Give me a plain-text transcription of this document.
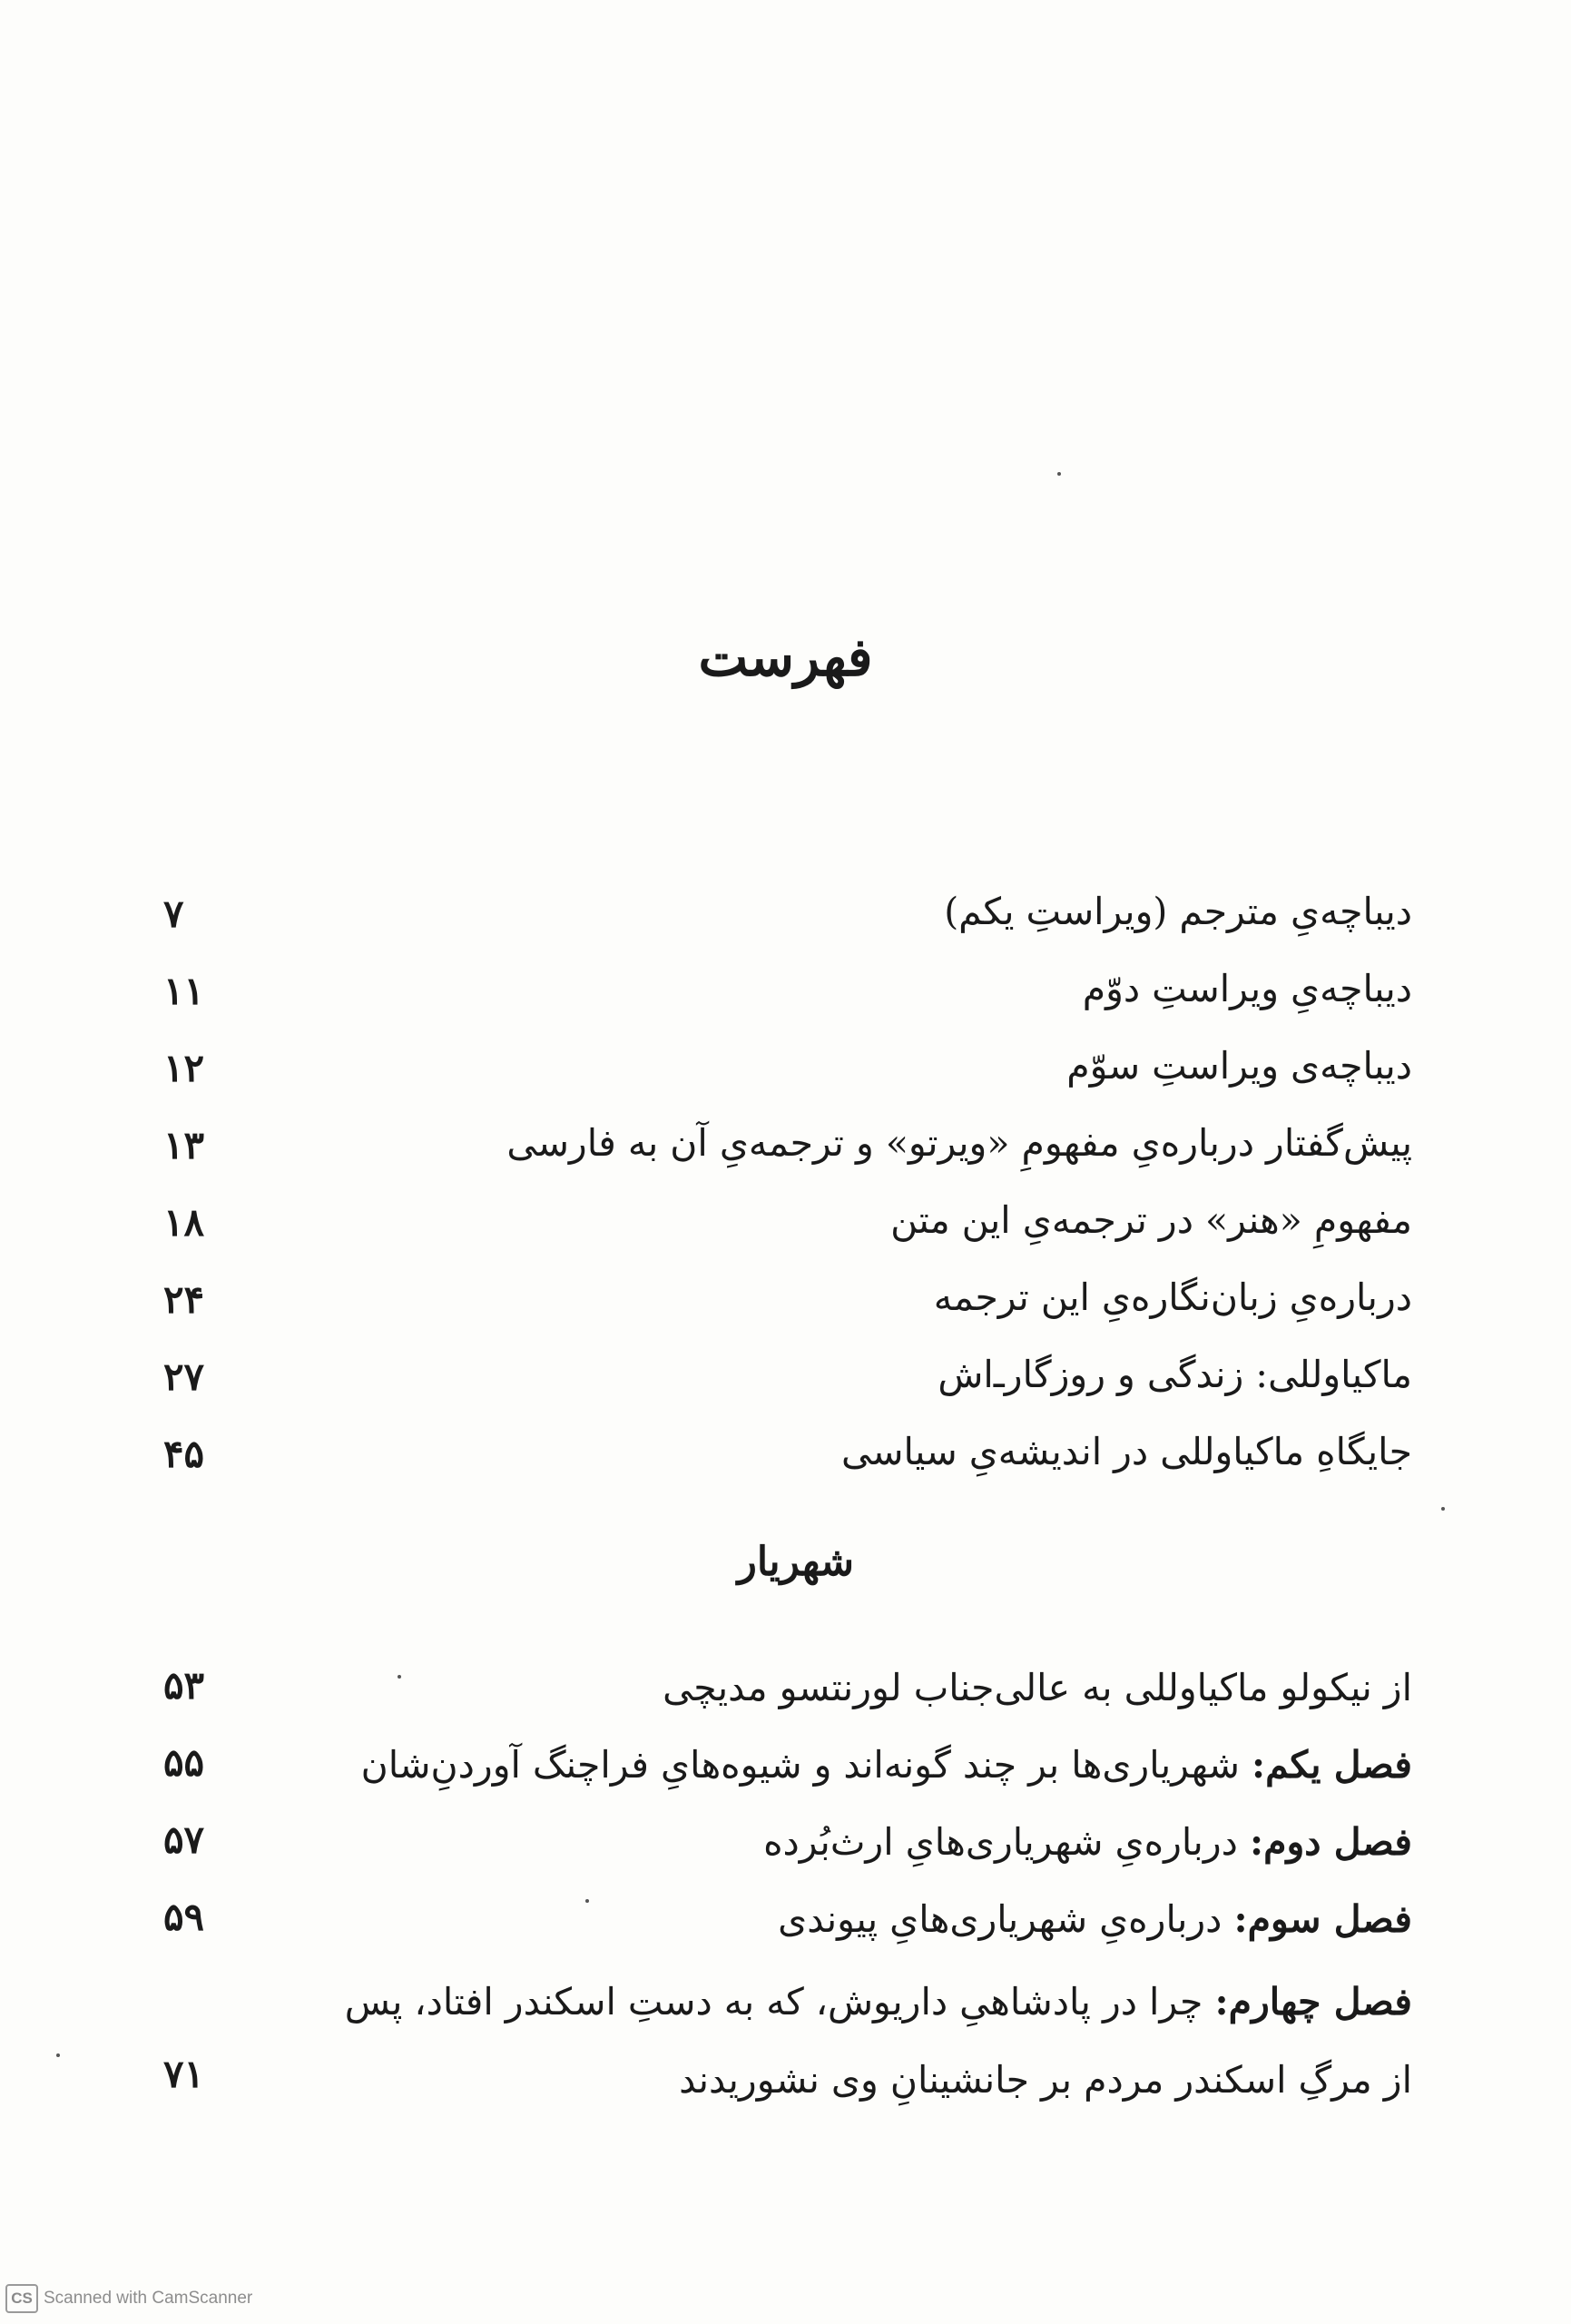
فهرست
دیباچه‌یِ مترجم (ویراستِ یکم)
۷
دیباچه‌یِ ویراستِ دوّم
۱۱
دیباچه‌ی ویراستِ سوّم
۱۲
پیش‌گفتار درباره‌یِ مفهومِ «ویرتو» و ترجمه‌یِ آن به فارسی
۱۳
مفهومِ «هنر» در ترجمه‌یِ این متن
۱۸
درباره‌یِ زبان‌نگاره‌یِ این ترجمه
۲۴
ماکیاوللی: زندگی و روزگار‌ـ‌اش
۲۷
جایگاهِ ماکیاوللی در اندیشه‌یِ سیاسی
۴۵
شهریار
از نیکولو ماکیاوللی به عالی‌جناب لورنتسو مدیچی
۵۳
فصل یکم: شهریاری‌ها بر چند گونه‌اند و شیوه‌هایِ فراچنگ آوردنِ‌شان
۵۵
فصل دوم: درباره‌یِ شهریاری‌هایِ ارث‌بُرده
۵۷
فصل سوم: درباره‌یِ شهریاری‌هایِ پیوندی
۵۹
فصل چهارم: چرا در پادشاهیِ داریوش، که به دستِ اسکندر افتاد، پس از مرگِ اسکندر مردم بر جانشینانِ وی نشوریدند
۷۱
CS Scanned with CamScanner
